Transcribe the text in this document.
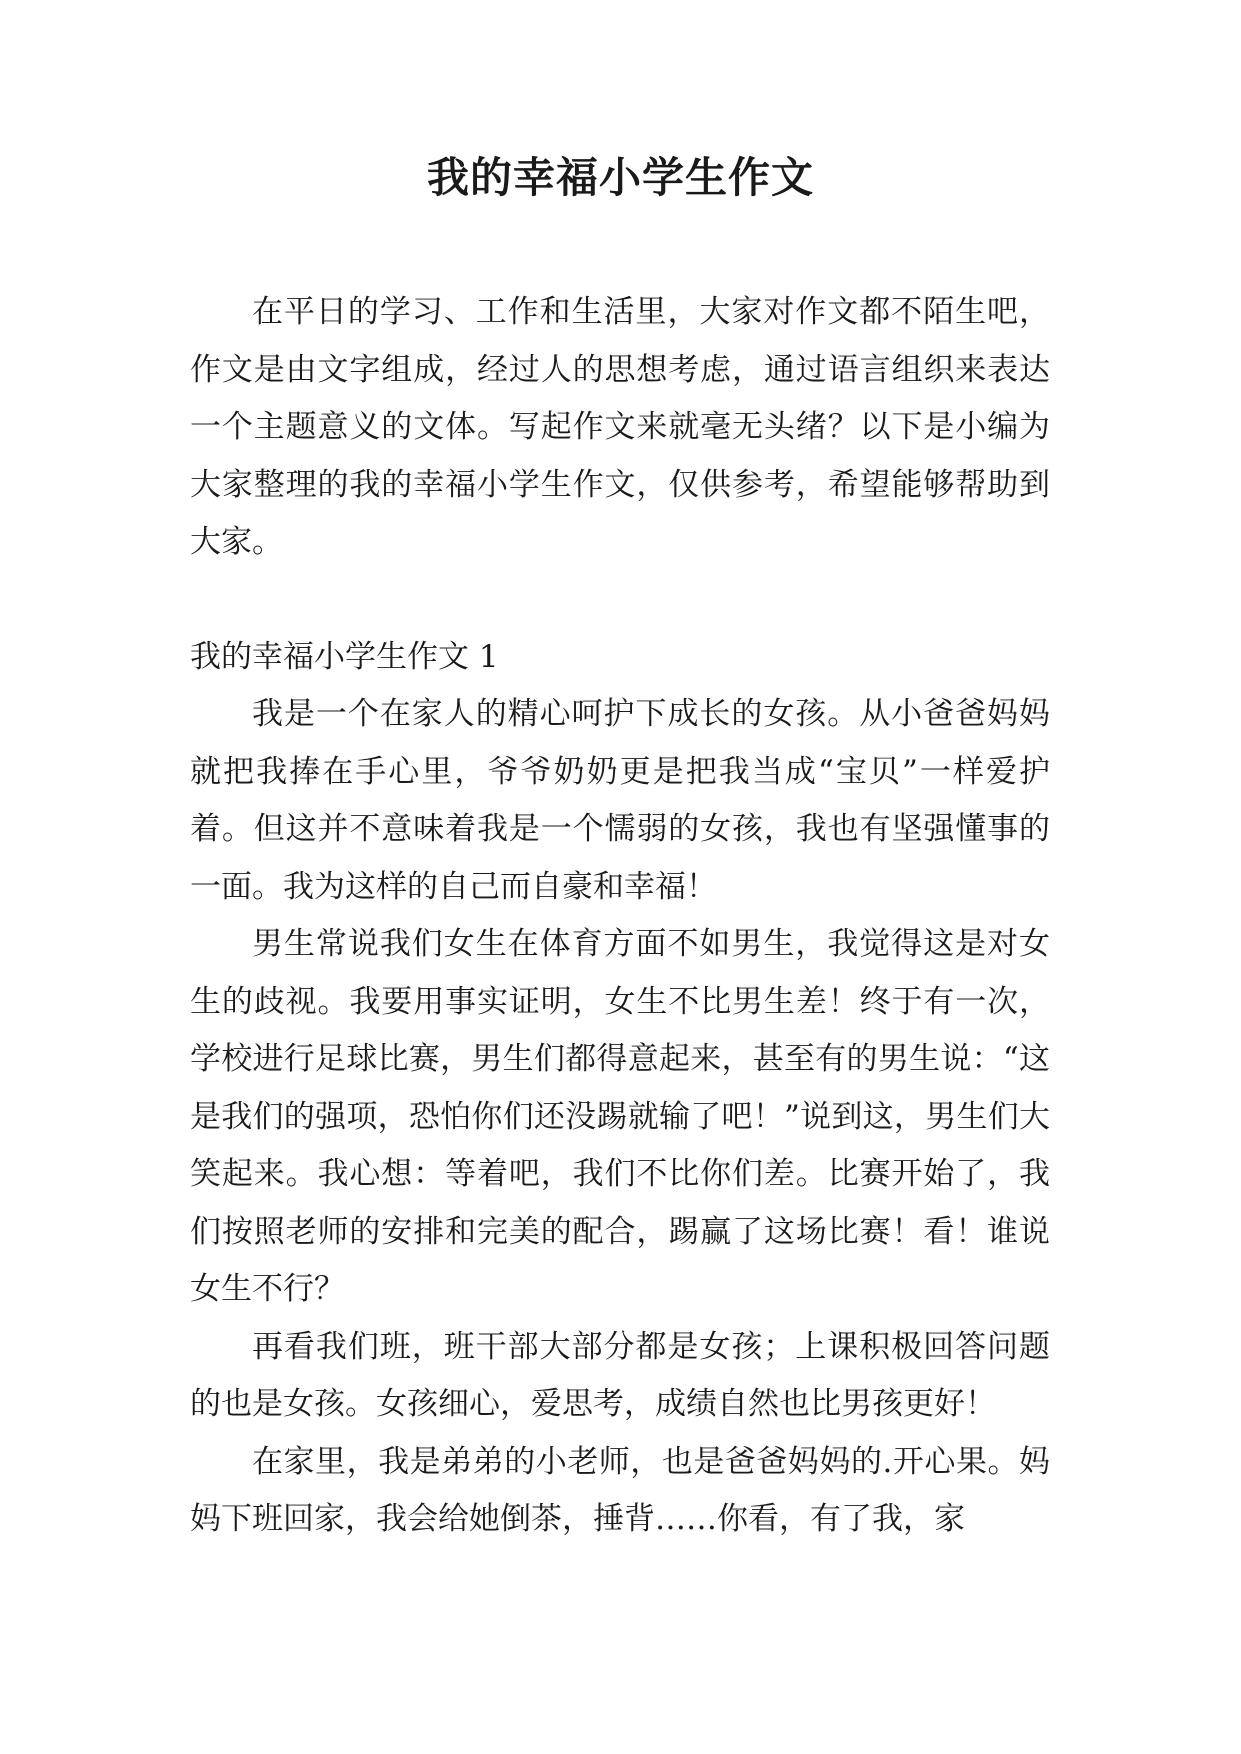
我的幸福小学生作文

在平日的学习、工作和生活里，大家对作文都不陌生吧，作文是由文字组成，经过人的思想考虑，通过语言组织来表达一个主题意义的文体。写起作文来就毫无头绪？以下是小编为大家整理的我的幸福小学生作文，仅供参考，希望能够帮助到大家。

我的幸福小学生作文 1

我是一个在家人的精心呵护下成长的女孩。从小爸爸妈妈就把我捧在手心里，爷爷奶奶更是把我当成“宝贝”一样爱护着。但这并不意味着我是一个懦弱的女孩，我也有坚强懂事的一面。我为这样的自己而自豪和幸福！

男生常说我们女生在体育方面不如男生，我觉得这是对女生的歧视。我要用事实证明，女生不比男生差！终于有一次，学校进行足球比赛，男生们都得意起来，甚至有的男生说：“这是我们的强项，恐怕你们还没踢就输了吧！”说到这，男生们大笑起来。我心想：等着吧，我们不比你们差。比赛开始了，我们按照老师的安排和完美的配合，踢赢了这场比赛！看！谁说女生不行？

再看我们班，班干部大部分都是女孩；上课积极回答问题的也是女孩。女孩细心，爱思考，成绩自然也比男孩更好！

在家里，我是弟弟的小老师，也是爸爸妈妈的.开心果。妈妈下班回家，我会给她倒茶，捶背……你看，有了我，家
